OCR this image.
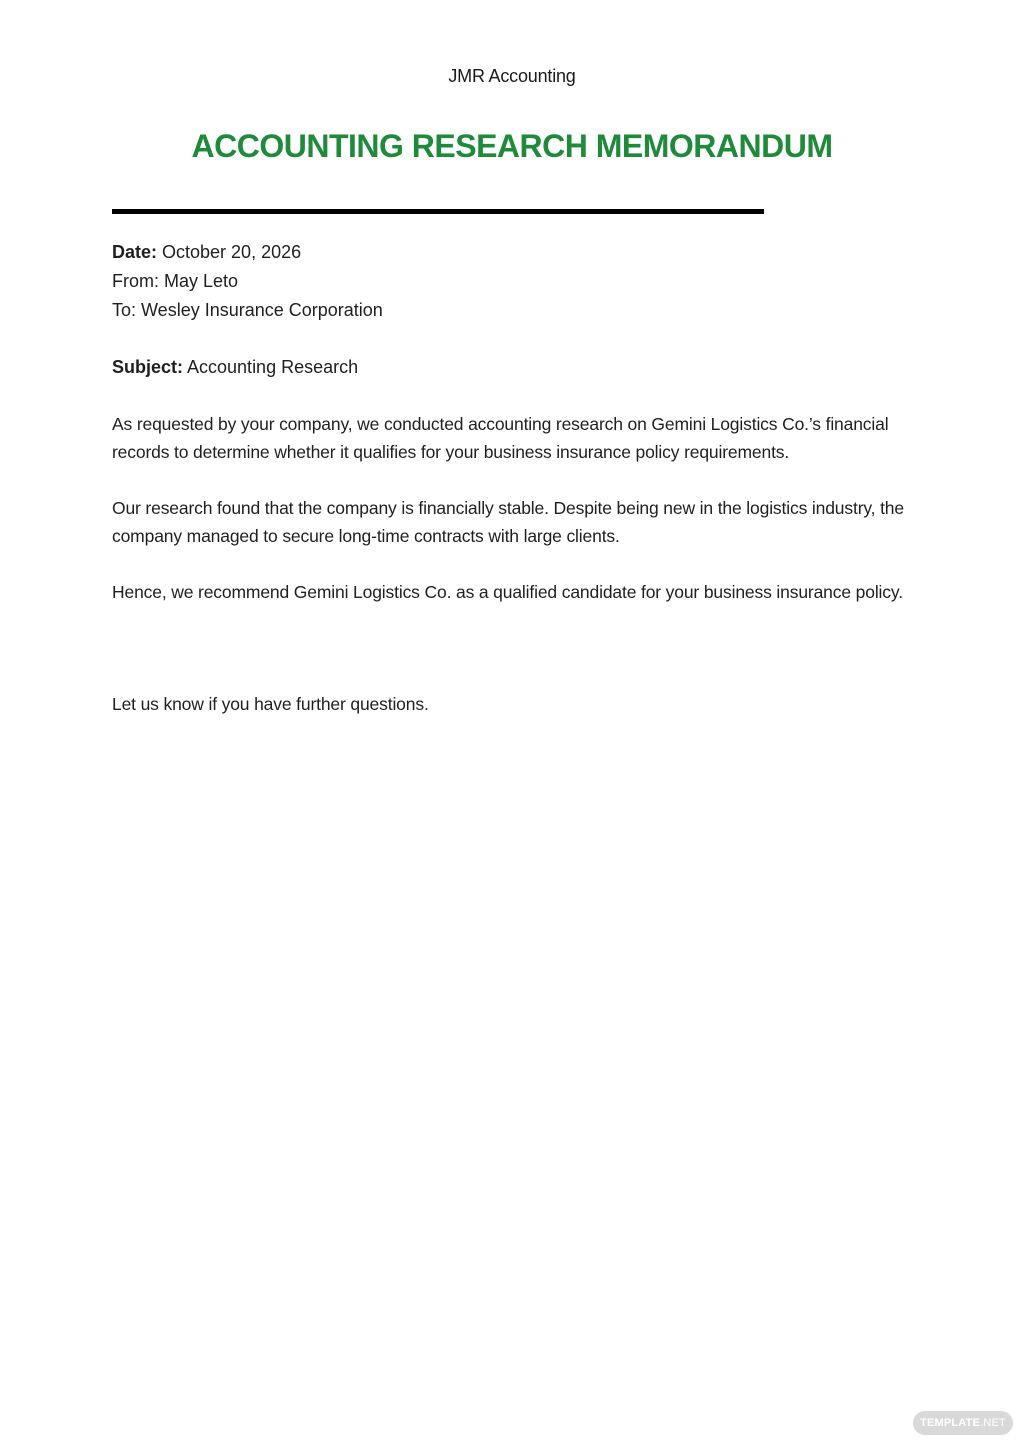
JMR Accounting
ACCOUNTING RESEARCH MEMORANDUM
Date: October 20, 2026
From: May Leto
To: Wesley Insurance Corporation
Subject: Accounting Research

As requested by your company, we conducted accounting research on Gemini Logistics Co.’s financial records to determine whether it qualifies for your business insurance policy requirements.

Our research found that the company is financially stable. Despite being new in the logistics industry, the company managed to secure long-time contracts with large clients.

Hence, we recommend Gemini Logistics Co. as a qualified candidate for your business insurance policy.

Let us know if you have further questions.

TEMPLATE.NET
